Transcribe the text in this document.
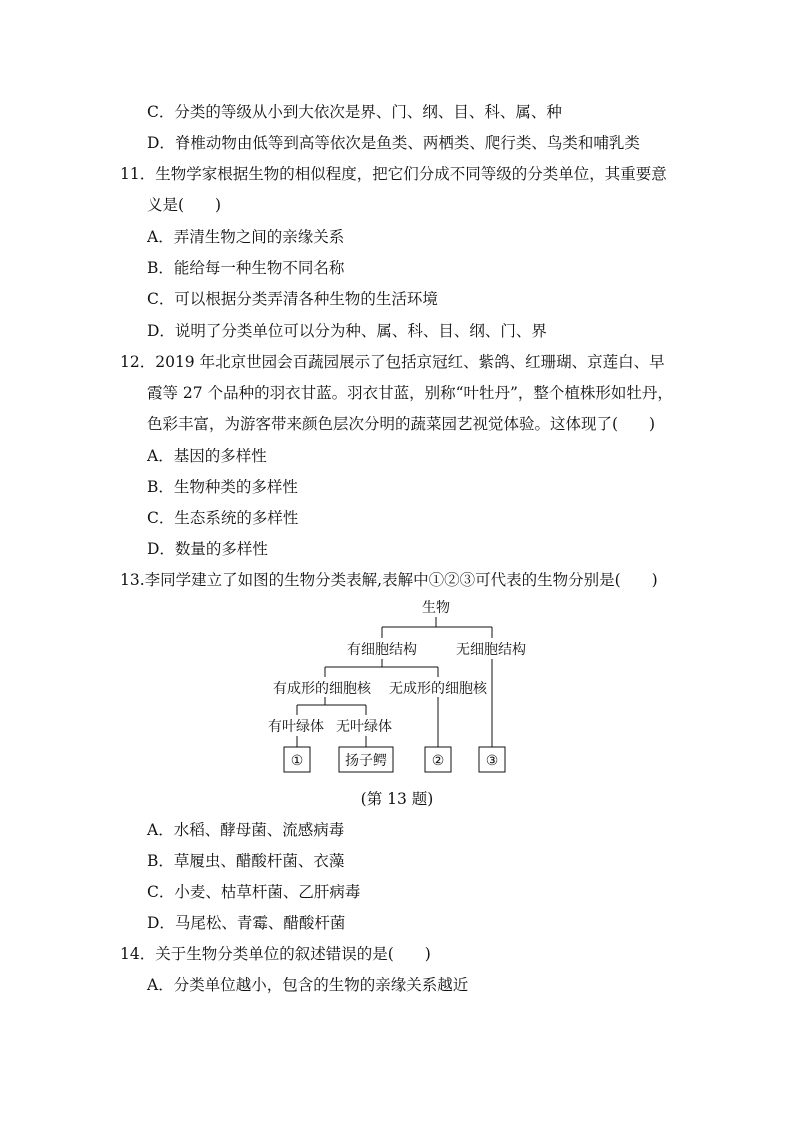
C．分类的等级从小到大依次是界、门、纲、目、科、属、种
D．脊椎动物由低等到高等依次是鱼类、两栖类、爬行类、鸟类和哺乳类
11．生物学家根据生物的相似程度，把它们分成不同等级的分类单位，其重要意
义是(　　)
A．弄清生物之间的亲缘关系
B．能给每一种生物不同名称
C．可以根据分类弄清各种生物的生活环境
D．说明了分类单位可以分为种、属、科、目、纲、门、界
12．2019 年北京世园会百蔬园展示了包括京冠红、紫鸽、红珊瑚、京莲白、早
霞等 27 个品种的羽衣甘蓝。羽衣甘蓝，别称“叶牡丹”，整个植株形如牡丹，
色彩丰富，为游客带来颜色层次分明的蔬菜园艺视觉体验。这体现了(　　)
A．基因的多样性
B．生物种类的多样性
C．生态系统的多样性
D．数量的多样性
13.李同学建立了如图的生物分类表解,表解中①②③可代表的生物分别是(　　)
生物
有细胞结构	无细胞结构
有成形的细胞核 无成形的细胞核
有叶绿体 无叶绿体
①	扬子鳄	②	③
(第 13 题)
A．水稻、酵母菌、流感病毒
B．草履虫、醋酸杆菌、衣藻
C．小麦、枯草杆菌、乙肝病毒
D．马尾松、青霉、醋酸杆菌
14．关于生物分类单位的叙述错误的是(　　)
A．分类单位越小，包含的生物的亲缘关系越近
